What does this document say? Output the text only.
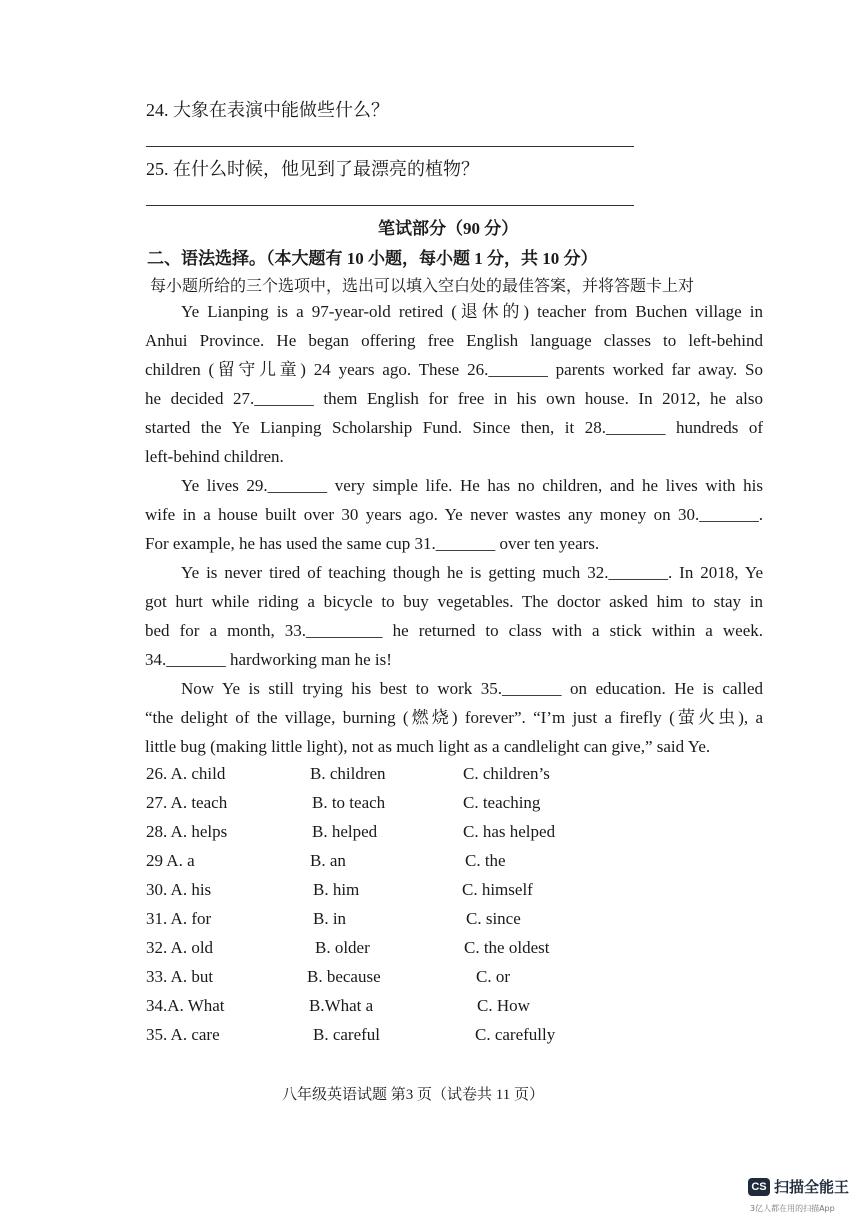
24. 大象在表演中能做些什么？
25. 在什么时候，他见到了最漂亮的植物？
笔试部分（90 分）
二、语法选择。（本大题有 10 小题，每小题 1 分，共 10 分）
每小题所给的三个选项中，选出可以填入空白处的最佳答案，并将答题卡上对
Ye Lianping is a 97-year-old retired (退休的) teacher from Buchen village in
Anhui Province. He began offering free English language classes to left-behind
children (留守儿童) 24 years ago. These 26._______ parents worked far away. So
he decided 27._______ them English for free in his own house. In 2012, he also
started the Ye Lianping Scholarship Fund. Since then, it 28._______ hundreds of
left-behind children.
Ye lives 29._______ very simple life. He has no children, and he lives with his
wife in a house built over 30 years ago. Ye never wastes any money on 30._______.
For example, he has used the same cup 31._______ over ten years.
Ye is never tired of teaching though he is getting much 32._______. In 2018, Ye
got hurt while riding a bicycle to buy vegetables. The doctor asked him to stay in
bed for a month, 33._________ he returned to class with a stick within a week.
34._______ hardworking man he is!
Now Ye is still trying his best to work 35._______ on education. He is called
“the delight of the village, burning (燃烧) forever”. “I’m just a firefly (萤火虫), a
little bug (making little light), not as much light as a candlelight can give,” said Ye.
26. A. child	B. children	C. children’s
27. A. teach	B. to teach	C. teaching
28. A. helps	B. helped	C. has helped
29 A. a	B. an	C. the
30. A. his	B. him	C. himself
31. A. for	B. in	C. since
32. A. old	B. older	C. the oldest
33. A. but	B. because	C. or
34.A. What	B.What a	C. How
35. A. care	B. careful	C. carefully
八年级英语试题 第3 页（试卷共 11 页）
CS 扫描全能王
3亿人都在用的扫描App
